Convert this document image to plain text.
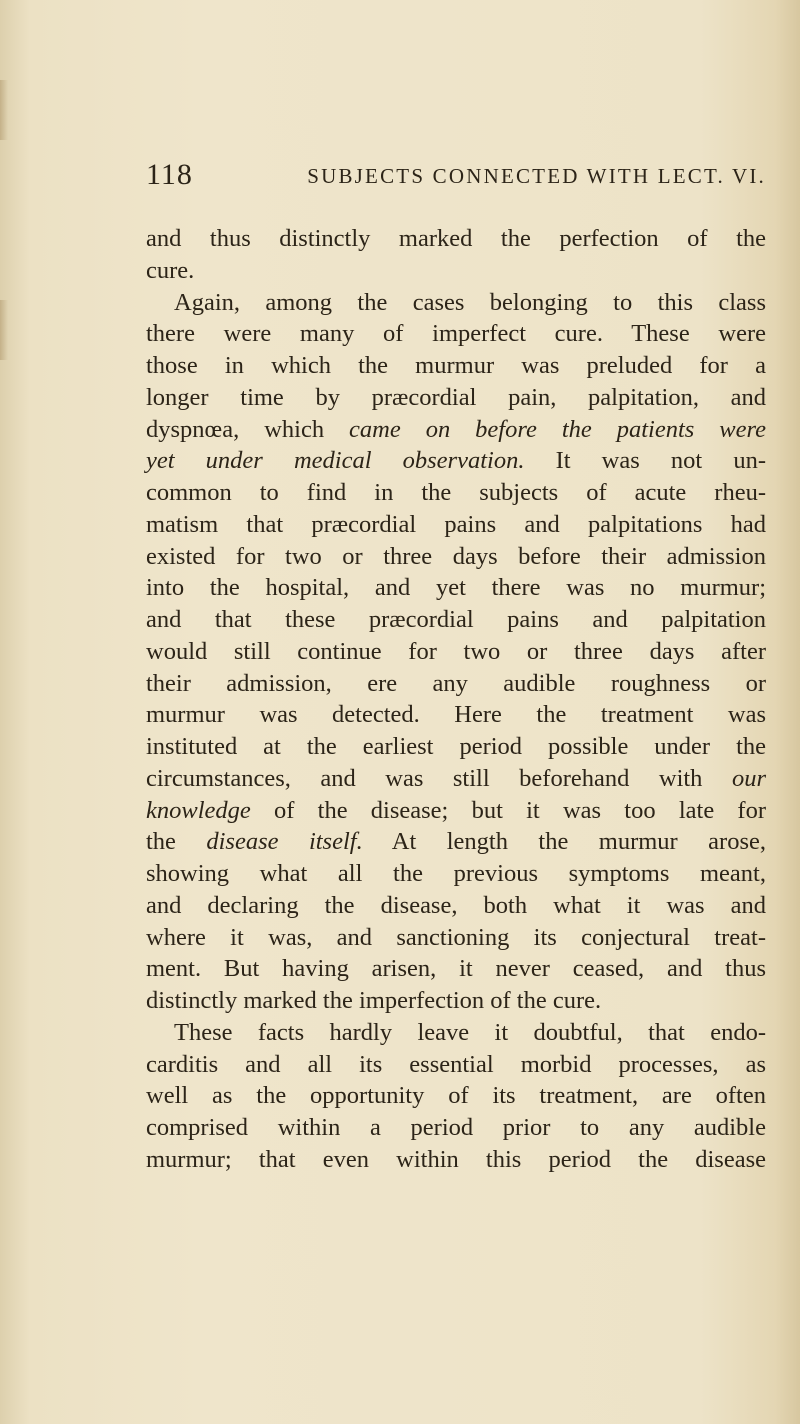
118	SUBJECTS CONNECTED WITH LECT. VI.
and thus distinctly marked the perfection of the
cure.
Again, among the cases belonging to this class
there were many of imperfect cure. These were
those in which the murmur was preluded for a
longer time by præcordial pain, palpitation, and
dyspnœa, which came on before the patients were
yet under medical observation. It was not un-
common to find in the subjects of acute rheu-
matism that præcordial pains and palpitations had
existed for two or three days before their admission
into the hospital, and yet there was no murmur;
and that these præcordial pains and palpitation
would still continue for two or three days after
their admission, ere any audible roughness or
murmur was detected. Here the treatment was
instituted at the earliest period possible under the
circumstances, and was still beforehand with our
knowledge of the disease; but it was too late for
the disease itself. At length the murmur arose,
showing what all the previous symptoms meant,
and declaring the disease, both what it was and
where it was, and sanctioning its conjectural treat-
ment. But having arisen, it never ceased, and thus
distinctly marked the imperfection of the cure.
These facts hardly leave it doubtful, that endo-
carditis and all its essential morbid processes, as
well as the opportunity of its treatment, are often
comprised within a period prior to any audible
murmur; that even within this period the disease
